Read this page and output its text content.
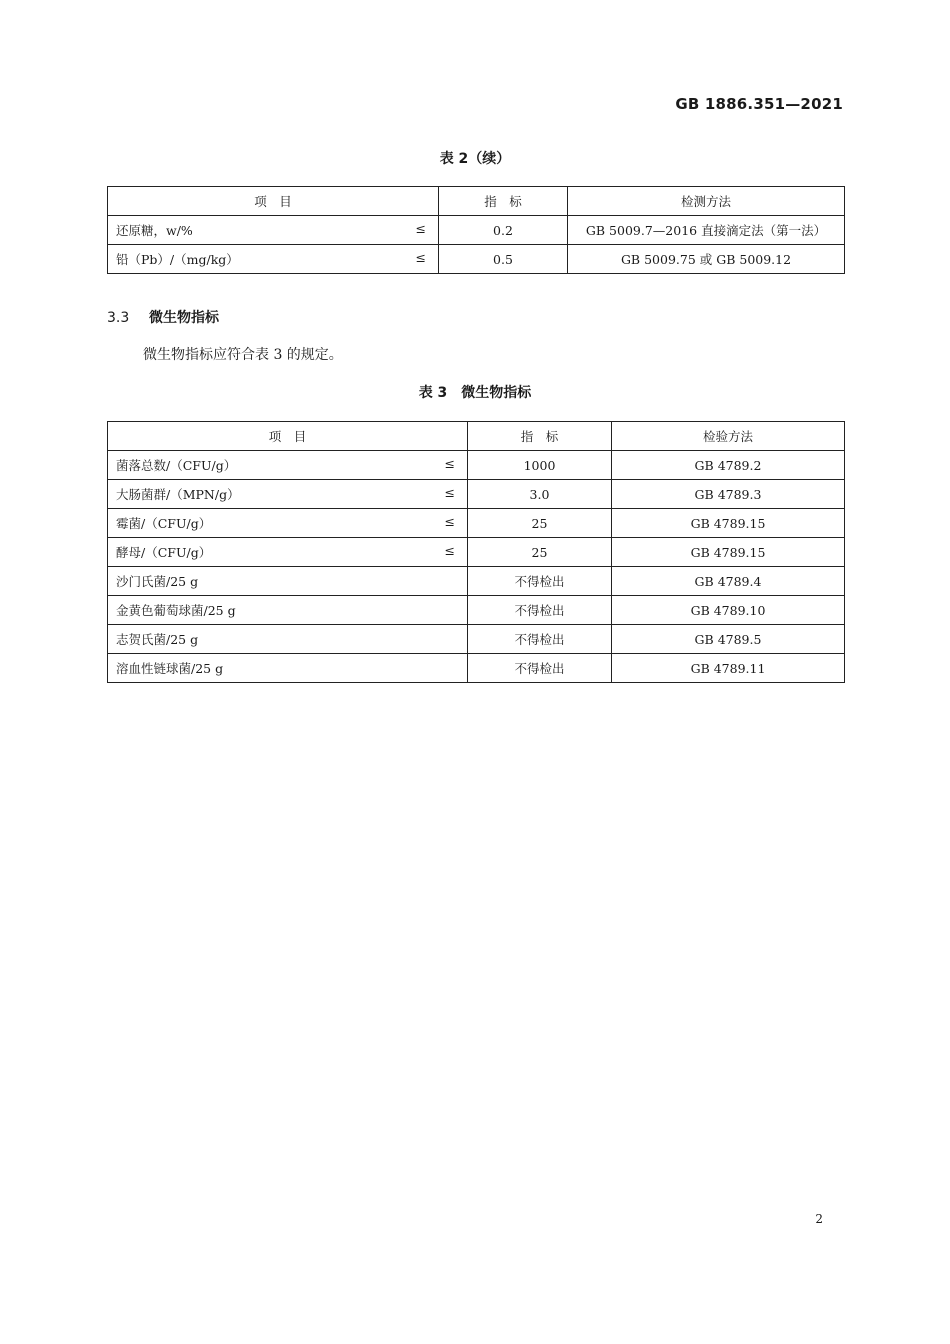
GB 1886.351—2021
表 2（续）
项　目	指　标	检测方法
还原糖，w/% ≤	0.2	GB 5009.7—2016 直接滴定法（第一法）
铅（Pb）/（mg/kg） ≤	0.5	GB 5009.75 或 GB 5009.12
3.3 微生物指标
微生物指标应符合表 3 的规定。
表 3　微生物指标
项　目	指　标	检验方法
菌落总数/（CFU/g） ≤	1000	GB 4789.2
大肠菌群/（MPN/g） ≤	3.0	GB 4789.3
霉菌/（CFU/g） ≤	25	GB 4789.15
酵母/（CFU/g） ≤	25	GB 4789.15
沙门氏菌/25 g	不得检出	GB 4789.4
金黄色葡萄球菌/25 g	不得检出	GB 4789.10
志贺氏菌/25 g	不得检出	GB 4789.5
溶血性链球菌/25 g	不得检出	GB 4789.11
2
